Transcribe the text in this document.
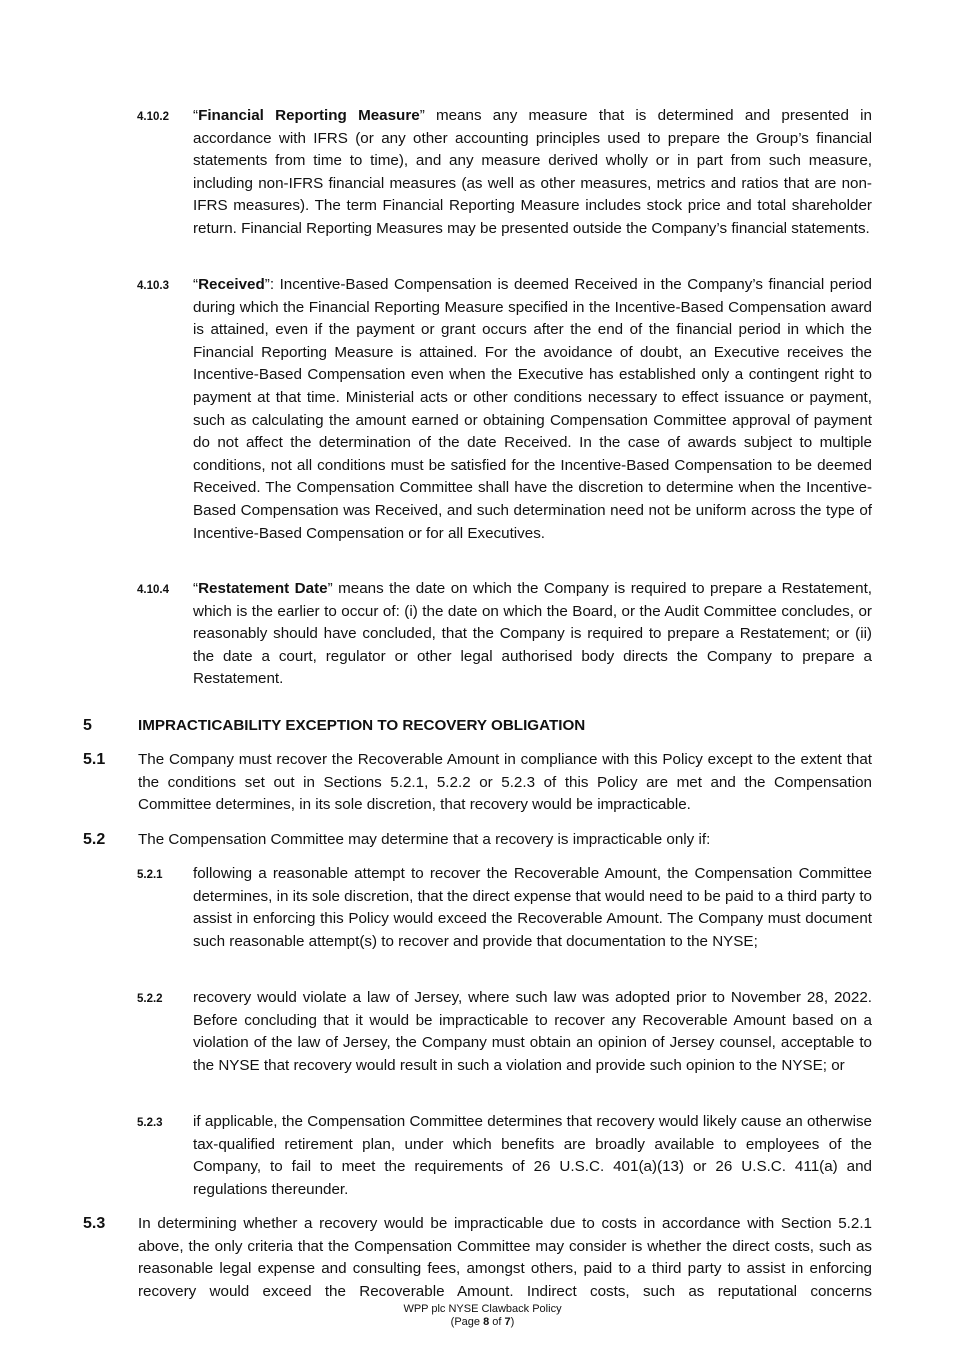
4.10.2 “Financial Reporting Measure” means any measure that is determined and presented in accordance with IFRS (or any other accounting principles used to prepare the Group’s financial statements from time to time), and any measure derived wholly or in part from such measure, including non-IFRS financial measures (as well as other measures, metrics and ratios that are non-IFRS measures). The term Financial Reporting Measure includes stock price and total shareholder return. Financial Reporting Measures may be presented outside the Company’s financial statements.
4.10.3 “Received”: Incentive-Based Compensation is deemed Received in the Company’s financial period during which the Financial Reporting Measure specified in the Incentive-Based Compensation award is attained, even if the payment or grant occurs after the end of the financial period in which the Financial Reporting Measure is attained. For the avoidance of doubt, an Executive receives the Incentive-Based Compensation even when the Executive has established only a contingent right to payment at that time. Ministerial acts or other conditions necessary to effect issuance or payment, such as calculating the amount earned or obtaining Compensation Committee approval of payment do not affect the determination of the date Received. In the case of awards subject to multiple conditions, not all conditions must be satisfied for the Incentive-Based Compensation to be deemed Received. The Compensation Committee shall have the discretion to determine when the Incentive-Based Compensation was Received, and such determination need not be uniform across the type of Incentive-Based Compensation or for all Executives.
4.10.4 “Restatement Date” means the date on which the Company is required to prepare a Restatement, which is the earlier to occur of: (i) the date on which the Board, or the Audit Committee concludes, or reasonably should have concluded, that the Company is required to prepare a Restatement; or (ii) the date a court, regulator or other legal authorised body directs the Company to prepare a Restatement.
5	IMPRACTICABILITY EXCEPTION TO RECOVERY OBLIGATION
5.1 The Company must recover the Recoverable Amount in compliance with this Policy except to the extent that the conditions set out in Sections 5.2.1, 5.2.2 or 5.2.3 of this Policy are met and the Compensation Committee determines, in its sole discretion, that recovery would be impracticable.
5.2 The Compensation Committee may determine that a recovery is impracticable only if:
5.2.1 following a reasonable attempt to recover the Recoverable Amount, the Compensation Committee determines, in its sole discretion, that the direct expense that would need to be paid to a third party to assist in enforcing this Policy would exceed the Recoverable Amount. The Company must document such reasonable attempt(s) to recover and provide that documentation to the NYSE;
5.2.2 recovery would violate a law of Jersey, where such law was adopted prior to November 28, 2022. Before concluding that it would be impracticable to recover any Recoverable Amount based on a violation of the law of Jersey, the Company must obtain an opinion of Jersey counsel, acceptable to the NYSE that recovery would result in such a violation and provide such opinion to the NYSE; or
5.2.3 if applicable, the Compensation Committee determines that recovery would likely cause an otherwise tax-qualified retirement plan, under which benefits are broadly available to employees of the Company, to fail to meet the requirements of 26 U.S.C. 401(a)(13) or 26 U.S.C. 411(a) and regulations thereunder.
5.3 In determining whether a recovery would be impracticable due to costs in accordance with Section 5.2.1 above, the only criteria that the Compensation Committee may consider is whether the direct costs, such as reasonable legal expense and consulting fees, amongst others, paid to a third party to assist in enforcing recovery would exceed the Recoverable Amount. Indirect costs, such as reputational concerns
WPP plc NYSE Clawback Policy
(Page 8 of 7)
